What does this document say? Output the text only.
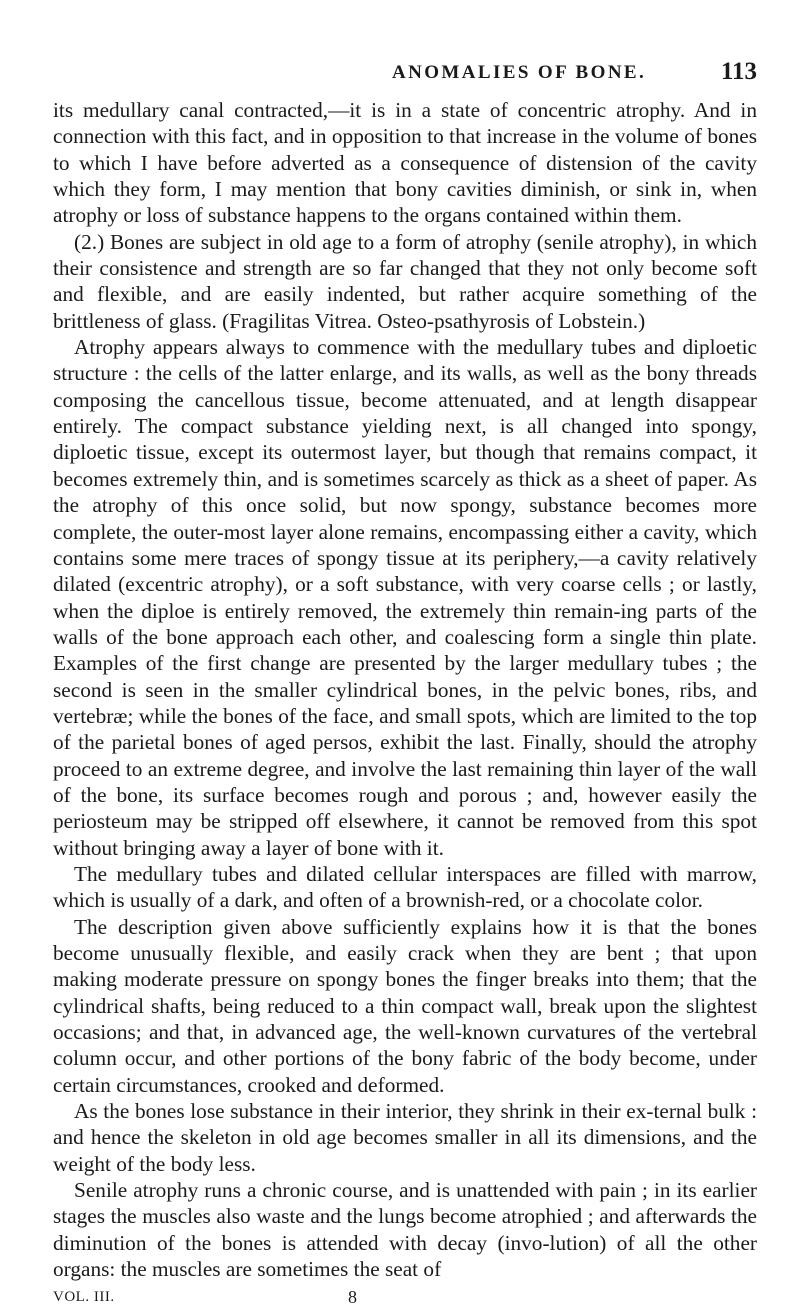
ANOMALIES OF BONE.	113

its medullary canal contracted,—it is in a state of concentric atrophy. And in connection with this fact, and in opposition to that increase in the volume of bones to which I have before adverted as a consequence of distension of the cavity which they form, I may mention that bony cavities diminish, or sink in, when atrophy or loss of substance happens to the organs contained within them.

(2.) Bones are subject in old age to a form of atrophy (senile atrophy), in which their consistence and strength are so far changed that they not only become soft and flexible, and are easily indented, but rather acquire something of the brittleness of glass. (Fragilitas Vitrea. Osteo-psathyrosis of Lobstein.)

Atrophy appears always to commence with the medullary tubes and diploetic structure : the cells of the latter enlarge, and its walls, as well as the bony threads composing the cancellous tissue, become attenuated, and at length disappear entirely. The compact substance yielding next, is all changed into spongy, diploetic tissue, except its outermost layer, but though that remains compact, it becomes extremely thin, and is sometimes scarcely as thick as a sheet of paper. As the atrophy of this once solid, but now spongy, substance becomes more complete, the outer-most layer alone remains, encompassing either a cavity, which contains some mere traces of spongy tissue at its periphery,—a cavity relatively dilated (excentric atrophy), or a soft substance, with very coarse cells ; or lastly, when the diploe is entirely removed, the extremely thin remain-ing parts of the walls of the bone approach each other, and coalescing form a single thin plate. Examples of the first change are presented by the larger medullary tubes ; the second is seen in the smaller cylindrical bones, in the pelvic bones, ribs, and vertebræ; while the bones of the face, and small spots, which are limited to the top of the parietal bones of aged persos, exhibit the last. Finally, should the atrophy proceed to an extreme degree, and involve the last remaining thin layer of the wall of the bone, its surface becomes rough and porous ; and, however easily the periosteum may be stripped off elsewhere, it cannot be removed from this spot without bringing away a layer of bone with it.

The medullary tubes and dilated cellular interspaces are filled with marrow, which is usually of a dark, and often of a brownish-red, or a chocolate color.

The description given above sufficiently explains how it is that the bones become unusually flexible, and easily crack when they are bent ; that upon making moderate pressure on spongy bones the finger breaks into them; that the cylindrical shafts, being reduced to a thin compact wall, break upon the slightest occasions; and that, in advanced age, the well-known curvatures of the vertebral column occur, and other portions of the bony fabric of the body become, under certain circumstances, crooked and deformed.

As the bones lose substance in their interior, they shrink in their ex-ternal bulk : and hence the skeleton in old age becomes smaller in all its dimensions, and the weight of the body less.

Senile atrophy runs a chronic course, and is unattended with pain ; in its earlier stages the muscles also waste and the lungs become atrophied ; and afterwards the diminution of the bones is attended with decay (invo-lution) of all the other organs: the muscles are sometimes the seat of

VOL. III.	8
